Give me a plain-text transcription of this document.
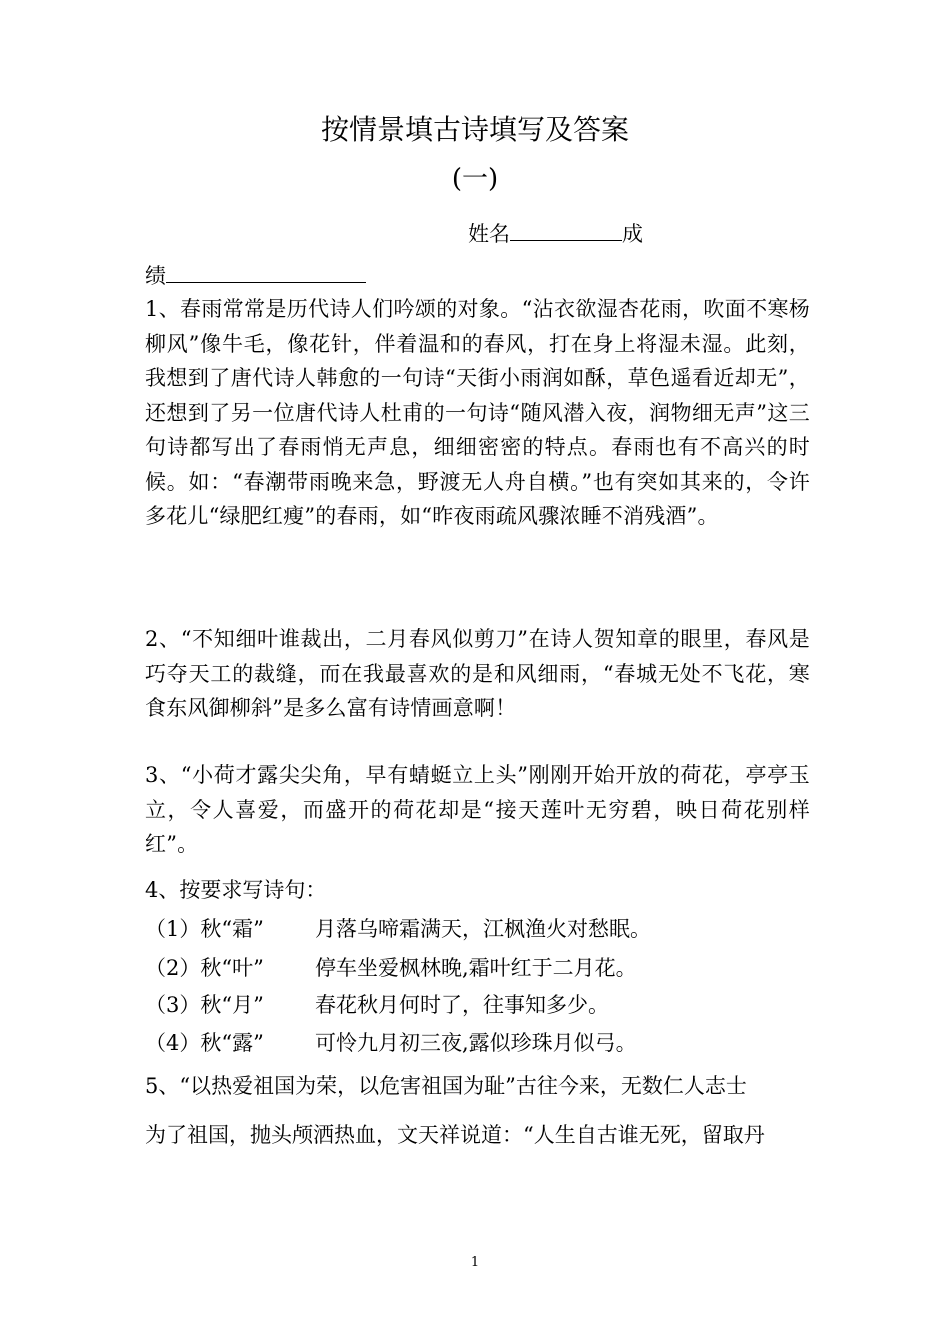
按情景填古诗填写及答案
(一)
姓名	成
绩
1、春雨常常是历代诗人们吟颂的对象。“沾衣欲湿杏花雨，吹面不寒杨柳风”像牛毛，像花针，伴着温和的春风，打在身上将湿未湿。此刻，我想到了唐代诗人韩愈的一句诗“天街小雨润如酥，草色遥看近却无”，还想到了另一位唐代诗人杜甫的一句诗“随风潜入夜，润物细无声”这三句诗都写出了春雨悄无声息，细细密密的特点。春雨也有不高兴的时候。如：“春潮带雨晚来急，野渡无人舟自横。”也有突如其来的，令许多花儿“绿肥红瘦”的春雨，如“昨夜雨疏风骤浓睡不消残酒”。
2、“不知细叶谁裁出，二月春风似剪刀”在诗人贺知章的眼里，春风是巧夺天工的裁缝，而在我最喜欢的是和风细雨，“春城无处不飞花，寒食东风御柳斜”是多么富有诗情画意啊！
3、“小荷才露尖尖角，早有蜻蜓立上头”刚刚开始开放的荷花，亭亭玉立，令人喜爱，而盛开的荷花却是“接天莲叶无穷碧，映日荷花别样红”。
4、按要求写诗句：
（1）秋“霜” 月落乌啼霜满天，江枫渔火对愁眠。
（2）秋“叶” 停车坐爱枫林晚,霜叶红于二月花。
（3）秋“月” 春花秋月何时了，往事知多少。
（4）秋“露” 可怜九月初三夜,露似珍珠月似弓。
5、“以热爱祖国为荣，以危害祖国为耻”古往今来，无数仁人志士
为了祖国，抛头颅洒热血，文天祥说道：“人生自古谁无死，留取丹
1
